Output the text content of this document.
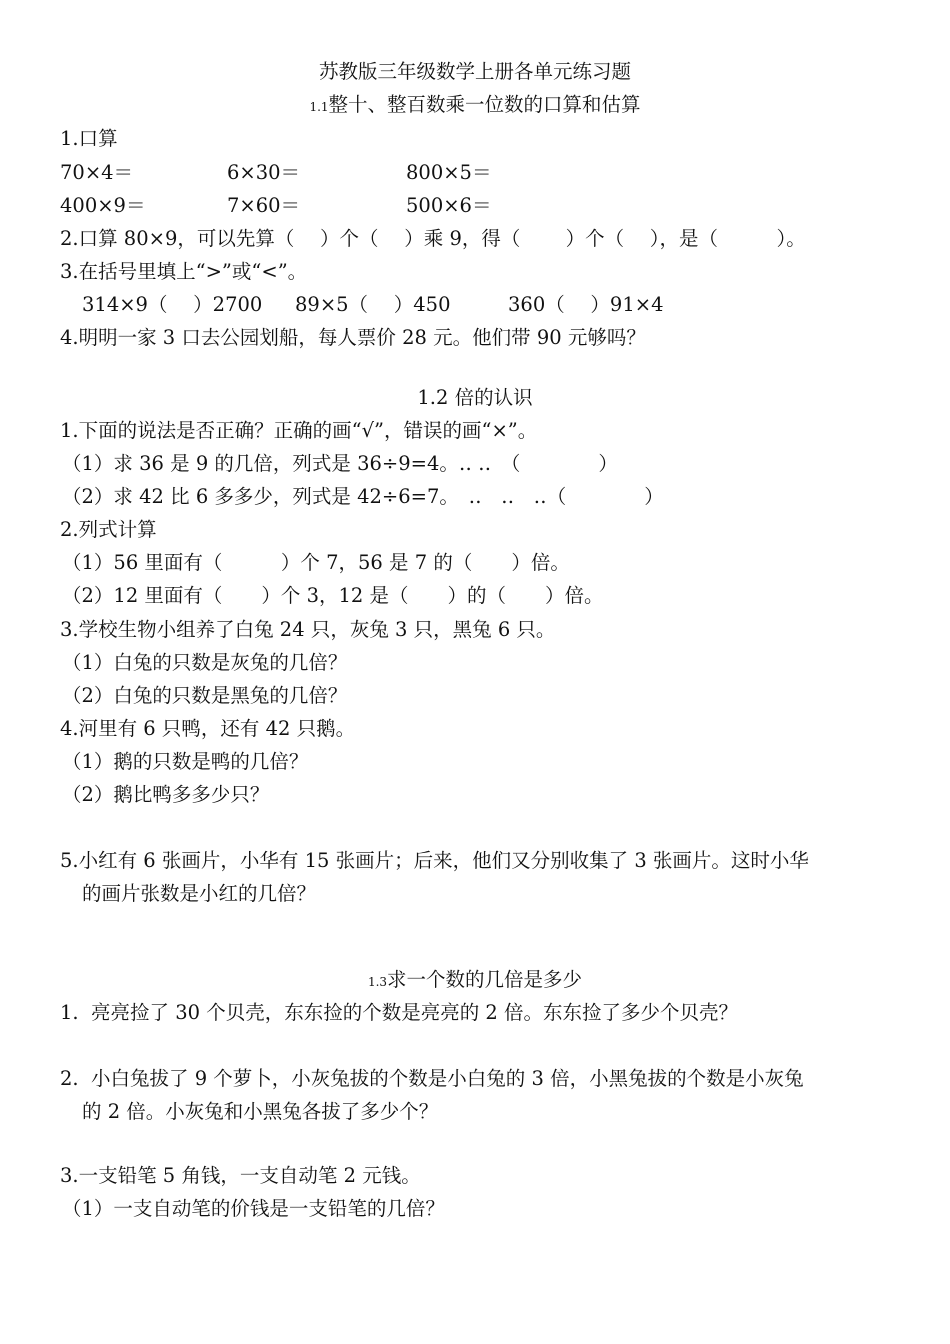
苏教版三年级数学上册各单元练习题
1.1整十、整百数乘一位数的口算和估算
1.口算
70×4＝	6×30＝	800×5＝
400×9＝	7×60＝	500×6＝
2.口算 80×9，可以先算（　 ）个（　 ）乘 9，得（　　 ）个（　 ），是（　　　）。
3.在括号里填上“>”或“<”。
314×9（　 ）2700 89×5（　 ）450	360（　 ）91×4
4.明明一家 3 口去公园划船，每人票价 28 元。他们带 90 元够吗？
1.2 倍的认识
1.下面的说法是否正确？正确的画“√”，错误的画“×”。
（1）求 36 是 9 的几倍，列式是 36÷9=4。‥ ‥　（　　　　）
（2）求 42 比 6 多多少，列式是 42÷6=7。　‥　‥　‥（　　　　）
2.列式计算
（1）56 里面有（　　　）个 7，56 是 7 的（　　）倍。
（2）12 里面有（　　）个 3，12 是（　　）的（　　）倍。
3.学校生物小组养了白兔 24 只，灰兔 3 只，黑兔 6 只。
（1）白兔的只数是灰兔的几倍？
（2）白兔的只数是黑兔的几倍？
4.河里有 6 只鸭，还有 42 只鹅。
（1）鹅的只数是鸭的几倍？
（2）鹅比鸭多多少只？
5.小红有 6 张画片，小华有 15 张画片；后来，他们又分别收集了 3 张画片。这时小华
的画片张数是小红的几倍？
1.3求一个数的几倍是多少
1.  亮亮捡了 30 个贝壳，东东捡的个数是亮亮的 2 倍。东东捡了多少个贝壳？
2.  小白兔拔了 9 个萝卜，小灰兔拔的个数是小白兔的 3 倍，小黑兔拔的个数是小灰兔
的 2 倍。小灰兔和小黑兔各拔了多少个？
3.一支铅笔 5 角钱，一支自动笔 2 元钱。
（1）一支自动笔的价钱是一支铅笔的几倍？
